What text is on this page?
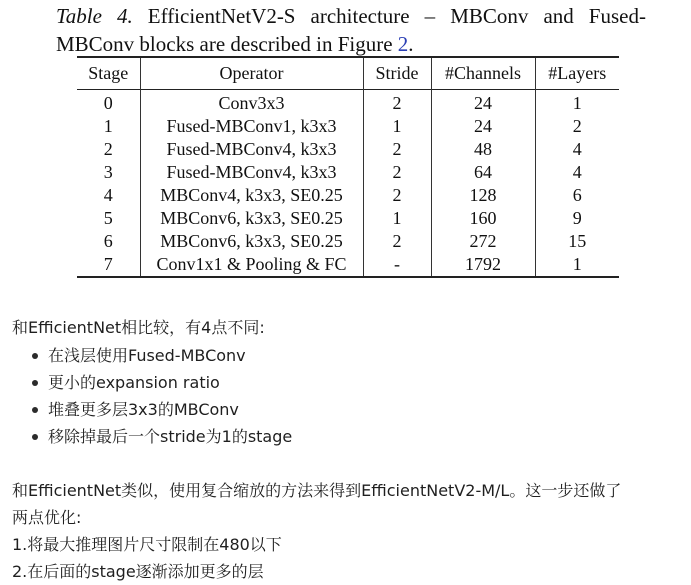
Table 4. EfficientNetV2-S architecture – MBConv and Fused-MBConv blocks are described in Figure 2.
Stage	Operator	Stride	#Channels	#Layers
0	Conv3x3	2	24	1
1	Fused-MBConv1, k3x3	1	24	2
2	Fused-MBConv4, k3x3	2	48	4
3	Fused-MBConv4, k3x3	2	64	4
4	MBConv4, k3x3, SE0.25	2	128	6
5	MBConv6, k3x3, SE0.25	1	160	9
6	MBConv6, k3x3, SE0.25	2	272	15
7	Conv1x1 & Pooling & FC	-	1792	1

和EfficientNet相比较，有4点不同:

在浅层使用Fused-MBConv
更小的expansion ratio
堆叠更多层3x3的MBConv
移除掉最后一个stride为1的stage

和EfficientNet类似，使用复合缩放的方法来得到EfficientNetV2-M/L。这一步还做了

两点优化:

1.将最大推理图片尺寸限制在480以下

2.在后面的stage逐渐添加更多的层
